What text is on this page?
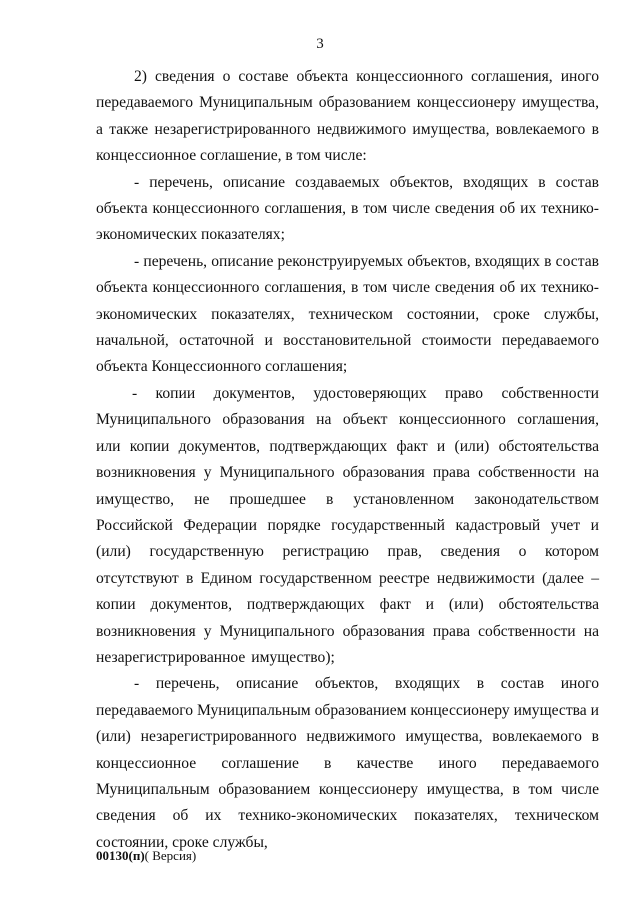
3

2) сведения о составе объекта концессионного соглашения, иного передаваемого Муниципальным образованием концессионеру имущества, а также незарегистрированного недвижимого имущества, вовлекаемого в концессионное соглашение, в том числе:

- перечень, описание создаваемых объектов, входящих в состав объекта концессионного соглашения, в том числе сведения об их технико-экономических показателях;

- перечень, описание реконструируемых объектов, входящих в состав объекта концессионного соглашения, в том числе сведения об их технико-экономических показателях, техническом состоянии, сроке службы, начальной, остаточной и восстановительной стоимости передаваемого объекта Концессионного соглашения;

- копии документов, удостоверяющих право собственности Муниципального образования на объект концессионного соглашения, или копии документов, подтверждающих факт и (или) обстоятельства возникновения у Муниципального образования права собственности на имущество, не прошедшее в установленном законодательством Российской Федерации порядке государственный кадастровый учет и (или) государственную регистрацию прав, сведения о котором отсутствуют в Едином государственном реестре недвижимости (далее – копии документов, подтверждающих факт и (или) обстоятельства возникновения у Муниципального образования права собственности на незарегистрированное имущество);

- перечень, описание объектов, входящих в состав иного передаваемого Муниципальным образованием концессионеру имущества и (или) незарегистрированного недвижимого имущества, вовлекаемого в концессионное соглашение в качестве иного передаваемого Муниципальным образованием концессионеру имущества, в том числе сведения об их технико-экономических показателях, техническом состоянии, сроке службы,

00130(п)( Версия)
